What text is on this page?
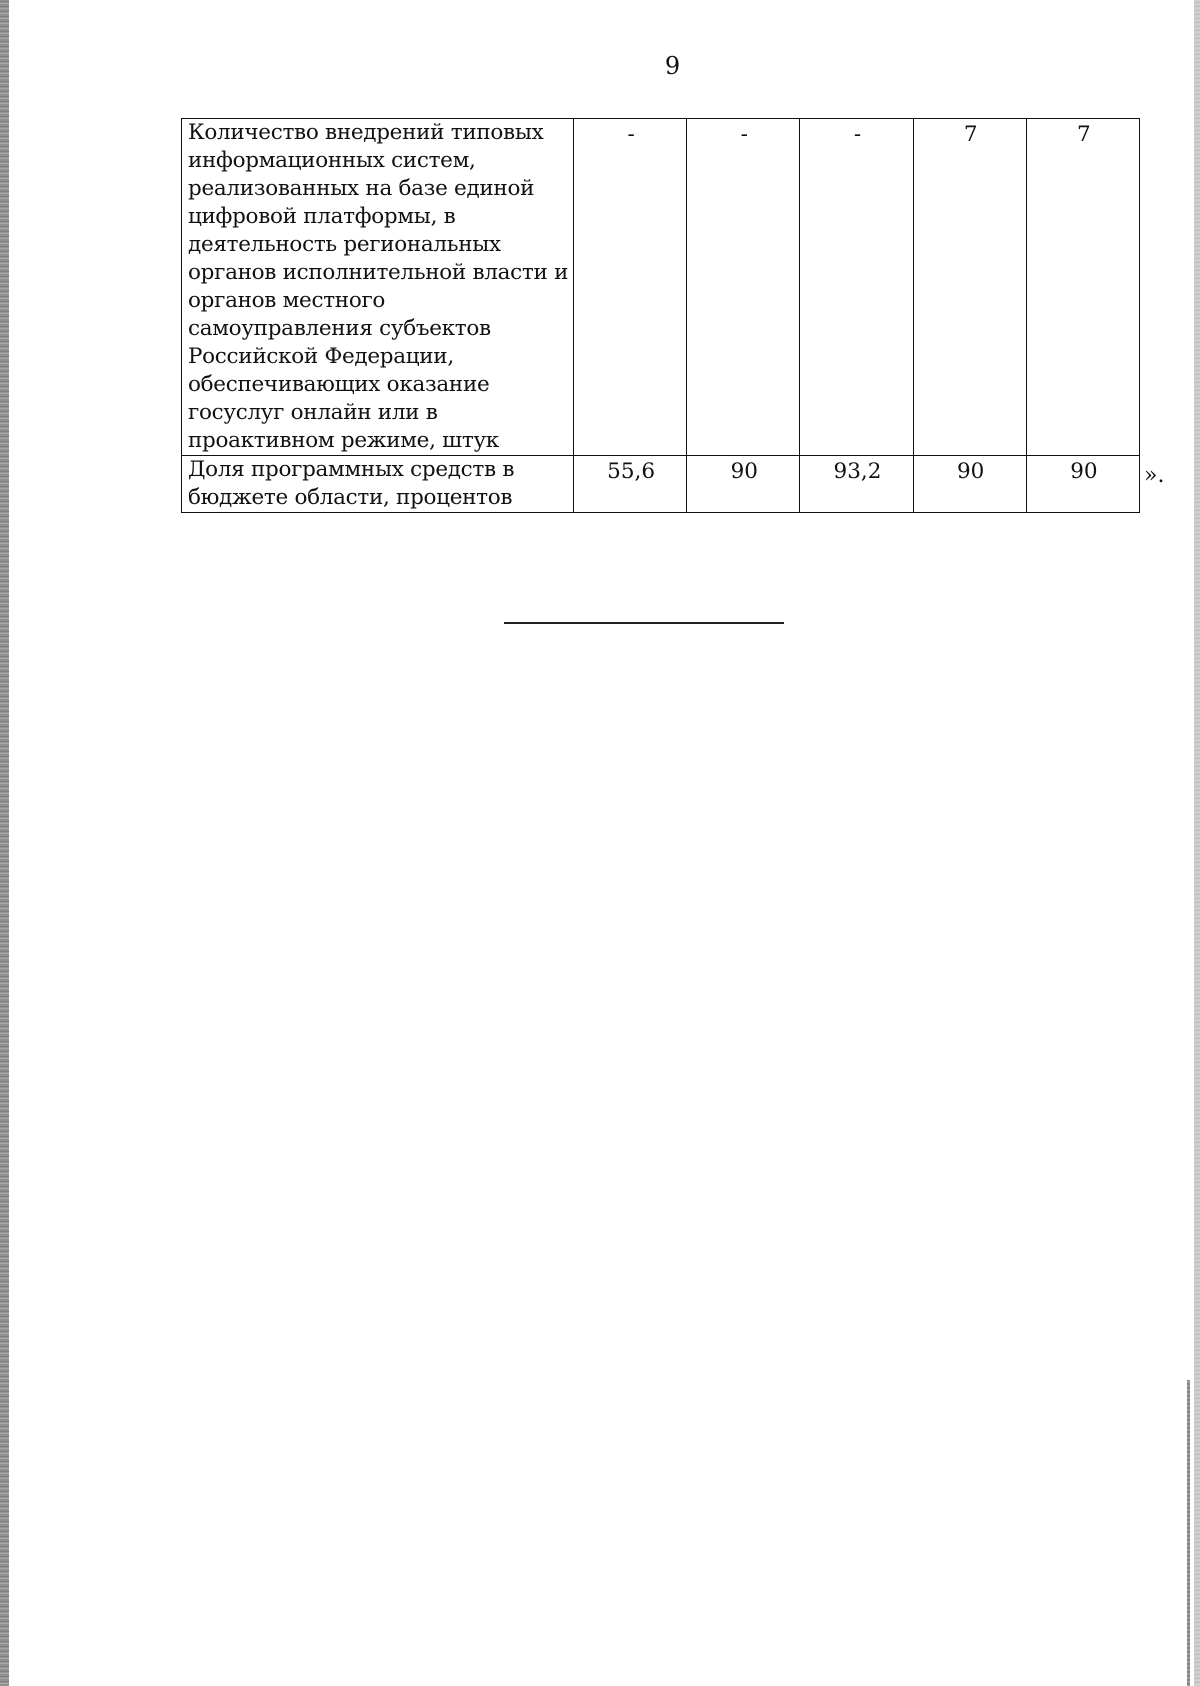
9
Количество внедрений типовых информационных систем, реализованных на базе единой цифровой платформы, в деятельность региональных органов исполнительной власти и органов местного самоуправления субъектов Российской Федерации, обеспечивающих оказание госуслуг онлайн или в проактивном режиме, штук	-	-	-	7	7
Доля программных средств в бюджете области, процентов	55,6	90	93,2	90	90 ».
